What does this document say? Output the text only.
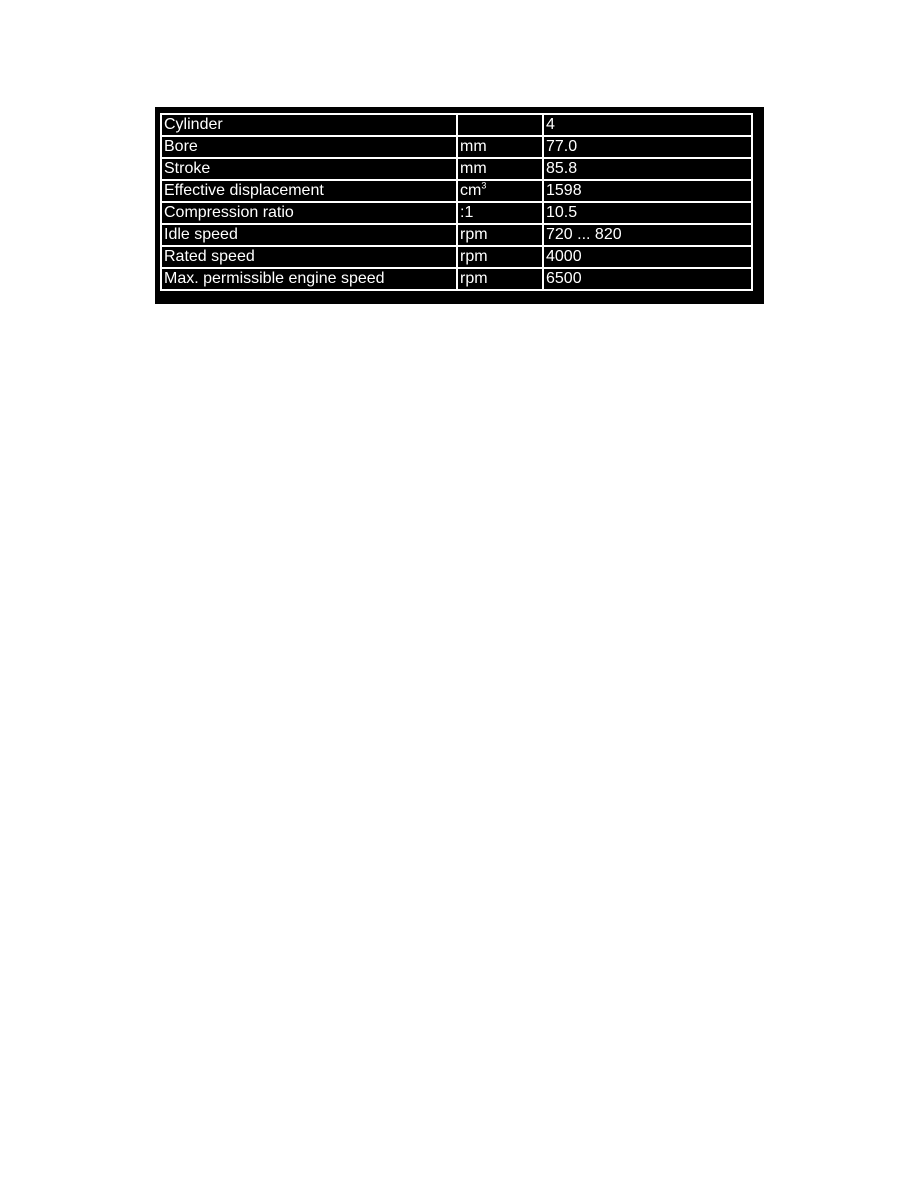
Cylinder		4
Bore	mm	77.0
Stroke	mm	85.8
Effective displacement	$cm^3$	1598
Compression ratio	:1	10.5
Idle speed	rpm	720 ... 820
Rated speed	rpm	4000
Max. permissible engine speed	rpm	6500
